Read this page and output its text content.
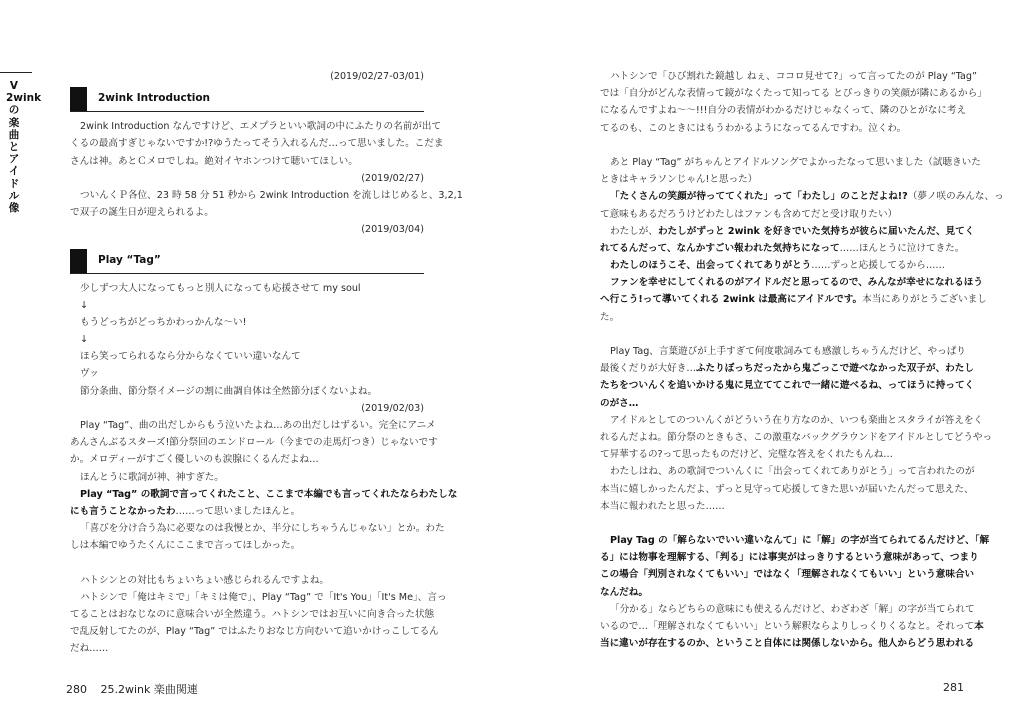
V 2wink の楽曲とアイドル像
(2019/02/27-03/01)
2wink Introduction
2wink Introduction なんですけど、エメプラといい歌詞の中にふたりの名前が出て
くるの最高すぎじゃないですか!?ゆうたってそう入れるんだ…って思いました。こだま
さんは神。あとＣメロでしね。絶対イヤホンつけて聴いてほしい。
(2019/02/27)
ついんくＰ各位、23 時 58 分 51 秒から 2wink Introduction を流しはじめると、3,2,1
で双子の誕生日が迎えられるよ。
(2019/03/04)
Play “Tag”
少しずつ大人になってもっと別人になっても応援させて my soul
↓
もうどっちがどっちかわっかんな～い!
↓
ほら笑ってられるなら分からなくていい違いなんて
ヴッ
節分条曲、節分祭イメージの割に曲調自体は全然節分ぽくないよね。
(2019/02/03)
Play “Tag”、曲の出だしからもう泣いたよね…あの出だしはずるい。完全にアニメ
あんさんぶるスターズ!節分祭回のエンドロール（今までの走馬灯つき）じゃないです
か。メロディーがすごく優しいのも涙腺にくるんだよね…
ほんとうに歌詞が神、神すぎた。
Play “Tag” の歌詞で言ってくれたこと、ここまで本編でも言ってくれたならわたしな
にも言うことなかったわ……って思いましたほんと。
「喜びを分け合う為に必要なのは我慢とか、半分にしちゃうんじゃない」とか。わた
しは本編でゆうたくんにここまで言ってほしかった。
ハトシンとの対比もちょいちょい感じられるんですよね。
ハトシンで「俺はキミで」「キミは俺で」、Play “Tag” で「It's You」「It's Me」、言っ
てることはおなじなのに意味合いが全然違う。ハトシンではお互いに向き合った状態
で乱反射してたのが、Play “Tag” ではふたりおなじ方向むいて追いかけっこしてるん
だね……
ハトシンで「ひび割れた鏡越し ねぇ、ココロ見せて?」って言ってたのが Play “Tag”
では「自分がどんな表情って鏡がなくたって知ってる とびっきりの笑顔が隣にあるから」
になるんですよね～～!!!自分の表情がわかるだけじゃなくって、隣のひとがなに考え
てるのも、このときにはもうわかるようになってるんですわ。泣くわ。
あと Play “Tag” がちゃんとアイドルソングでよかったなって思いました（試聴きいた
ときはキャラソンじゃん!と思った）
「たくさんの笑顔が待っててくれた」って「わたし」のことだよね!?（夢ノ咲のみんな、っ
て意味もあるだろうけどわたしはファンも含めてだと受け取りたい）
わたしが、わたしがずっと 2wink を好きでいた気持ちが彼らに届いたんだ、見てく
れてるんだって、なんかすごい報われた気持ちになって……ほんとうに泣けてきた。
わたしのほうこそ、出会ってくれてありがとう……ずっと応援してるから……
ファンを幸せにしてくれるのがアイドルだと思ってるので、みんなが幸せになれるほう
へ行こう!って導いてくれる 2wink は最高にアイドルです。本当にありがとうございまし
た。
Play Tag、言葉遊びが上手すぎて何度歌詞みても感激しちゃうんだけど、やっぱり
最後くだりが大好き…ふたりぼっちだったから鬼ごっこで遊べなかった双子が、わたし
たちをついんくを追いかける鬼に見立ててこれで一緒に遊べるね、ってほうに持ってく
のがさ…
アイドルとしてのついんくがどういう在り方なのか、いつも楽曲とスタライが答えをく
れるんだよね。節分祭のときもさ、この激重なバックグラウンドをアイドルとしてどうやっ
て昇華するの?って思ったものだけど、完璧な答えをくれたもんね…
わたしはね、あの歌詞でついんくに「出会ってくれてありがとう」って言われたのが
本当に嬉しかったんだよ、ずっと見守って応援してきた思いが届いたんだって思えた、
本当に報われたと思った……
Play Tag の「解らないでいい違いなんて」に「解」の字が当てられてるんだけど、「解
る」には物事を理解する、「判る」には事実がはっきりするという意味があって、つまり
この場合「判別されなくてもいい」ではなく「理解されなくてもいい」という意味合い
なんだね。
「分かる」ならどちらの意味にも使えるんだけど、わざわざ「解」の字が当てられて
いるので…「理解されなくてもいい」という解釈ならよりしっくりくるなと。それって本
当に違いが存在するのか、ということ自体には関係しないから。他人からどう思われる
280 25.2wink 楽曲関連	281
